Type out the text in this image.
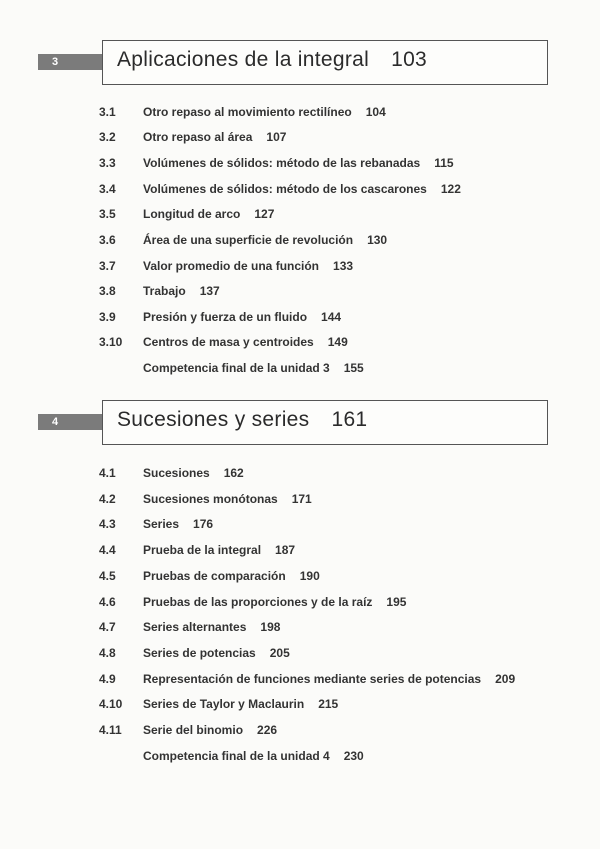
3	Aplicaciones de la integral 103
3.1 Otro repaso al movimiento rectilíneo 104
3.2 Otro repaso al área 107
3.3 Volúmenes de sólidos: método de las rebanadas 115
3.4 Volúmenes de sólidos: método de los cascarones 122
3.5 Longitud de arco 127
3.6 Área de una superficie de revolución 130
3.7 Valor promedio de una función 133
3.8 Trabajo 137
3.9 Presión y fuerza de un fluido 144
3.10 Centros de masa y centroides 149
Competencia final de la unidad 3 155
4	Sucesiones y series 161
4.1 Sucesiones 162
4.2 Sucesiones monótonas 171
4.3 Series 176
4.4 Prueba de la integral 187
4.5 Pruebas de comparación 190
4.6 Pruebas de las proporciones y de la raíz 195
4.7 Series alternantes 198
4.8 Series de potencias 205
4.9 Representación de funciones mediante series de potencias 209
4.10 Series de Taylor y Maclaurin 215
4.11 Serie del binomio 226
Competencia final de la unidad 4 230
